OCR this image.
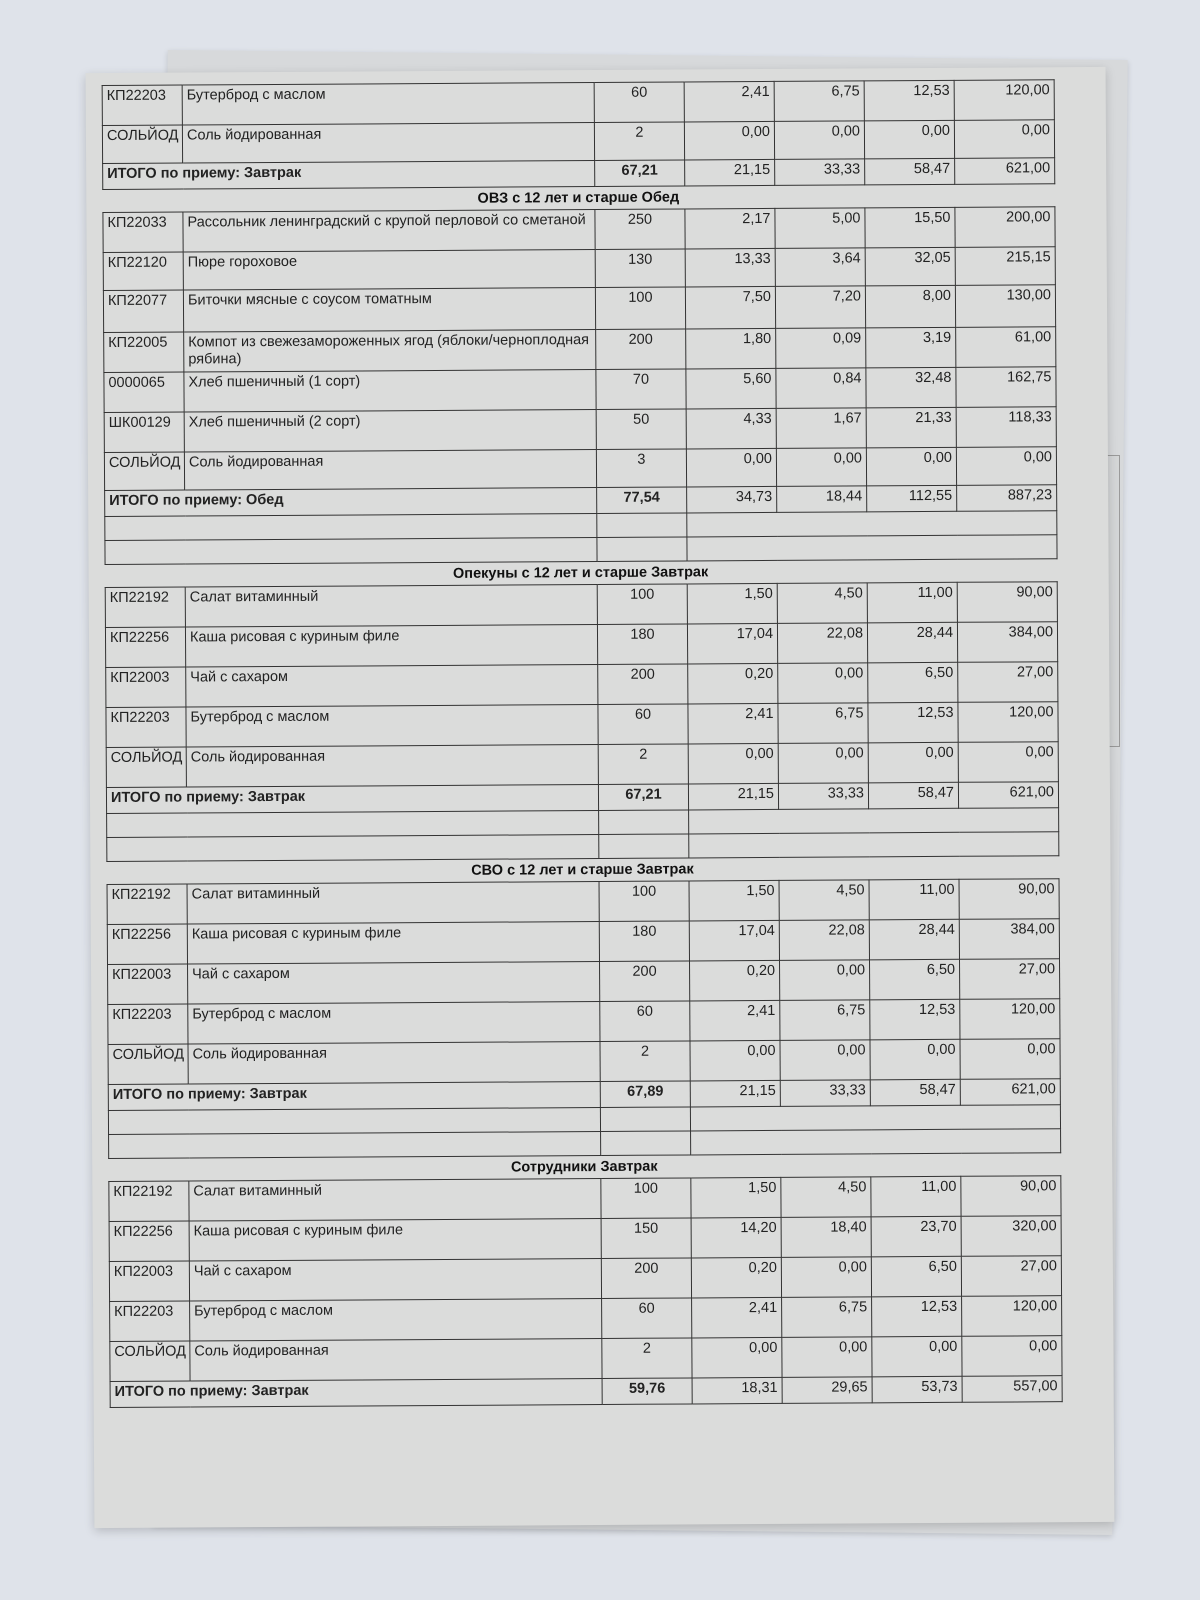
КП22203	Бутерброд с маслом	60	2,41	6,75	12,53	120,00
СОЛЬЙОД	Соль йодированная	2	0,00	0,00	0,00	0,00
ИТОГО по приему: Завтрак		67,21	21,15	33,33	58,47	621,00
ОВЗ с 12 лет и старше Обед
КП22033	Рассольник ленинградский с крупой перловой со сметаной	250	2,17	5,00	15,50	200,00
КП22120	Пюре гороховое	130	13,33	3,64	32,05	215,15
КП22077	Биточки мясные с соусом томатным	100	7,50	7,20	8,00	130,00
КП22005	Компот из свежезамороженных ягод (яблоки/черноплодная рябина)	200	1,80	0,09	3,19	61,00
0000065	Хлеб пшеничный (1 сорт)	70	5,60	0,84	32,48	162,75
ШК00129	Хлеб пшеничный (2 сорт)	50	4,33	1,67	21,33	118,33
СОЛЬЙОД	Соль йодированная	3	0,00	0,00	0,00	0,00
ИТОГО по приему: Обед		77,54	34,73	18,44	112,55	887,23

Опекуны с 12 лет и старше Завтрак
КП22192	Салат витаминный	100	1,50	4,50	11,00	90,00
КП22256	Каша рисовая с куриным филе	180	17,04	22,08	28,44	384,00
КП22003	Чай с сахаром	200	0,20	0,00	6,50	27,00
КП22203	Бутерброд с маслом	60	2,41	6,75	12,53	120,00
СОЛЬЙОД	Соль йодированная	2	0,00	0,00	0,00	0,00
ИТОГО по приему: Завтрак		67,21	21,15	33,33	58,47	621,00

СВО с 12 лет и старше Завтрак
КП22192	Салат витаминный	100	1,50	4,50	11,00	90,00
КП22256	Каша рисовая с куриным филе	180	17,04	22,08	28,44	384,00
КП22003	Чай с сахаром	200	0,20	0,00	6,50	27,00
КП22203	Бутерброд с маслом	60	2,41	6,75	12,53	120,00
СОЛЬЙОД	Соль йодированная	2	0,00	0,00	0,00	0,00
ИТОГО по приему: Завтрак		67,89	21,15	33,33	58,47	621,00

Сотрудники Завтрак
КП22192	Салат витаминный	100	1,50	4,50	11,00	90,00
КП22256	Каша рисовая с куриным филе	150	14,20	18,40	23,70	320,00
КП22003	Чай с сахаром	200	0,20	0,00	6,50	27,00
КП22203	Бутерброд с маслом	60	2,41	6,75	12,53	120,00
СОЛЬЙОД	Соль йодированная	2	0,00	0,00	0,00	0,00
ИТОГО по приему: Завтрак		59,76	18,31	29,65	53,73	557,00
